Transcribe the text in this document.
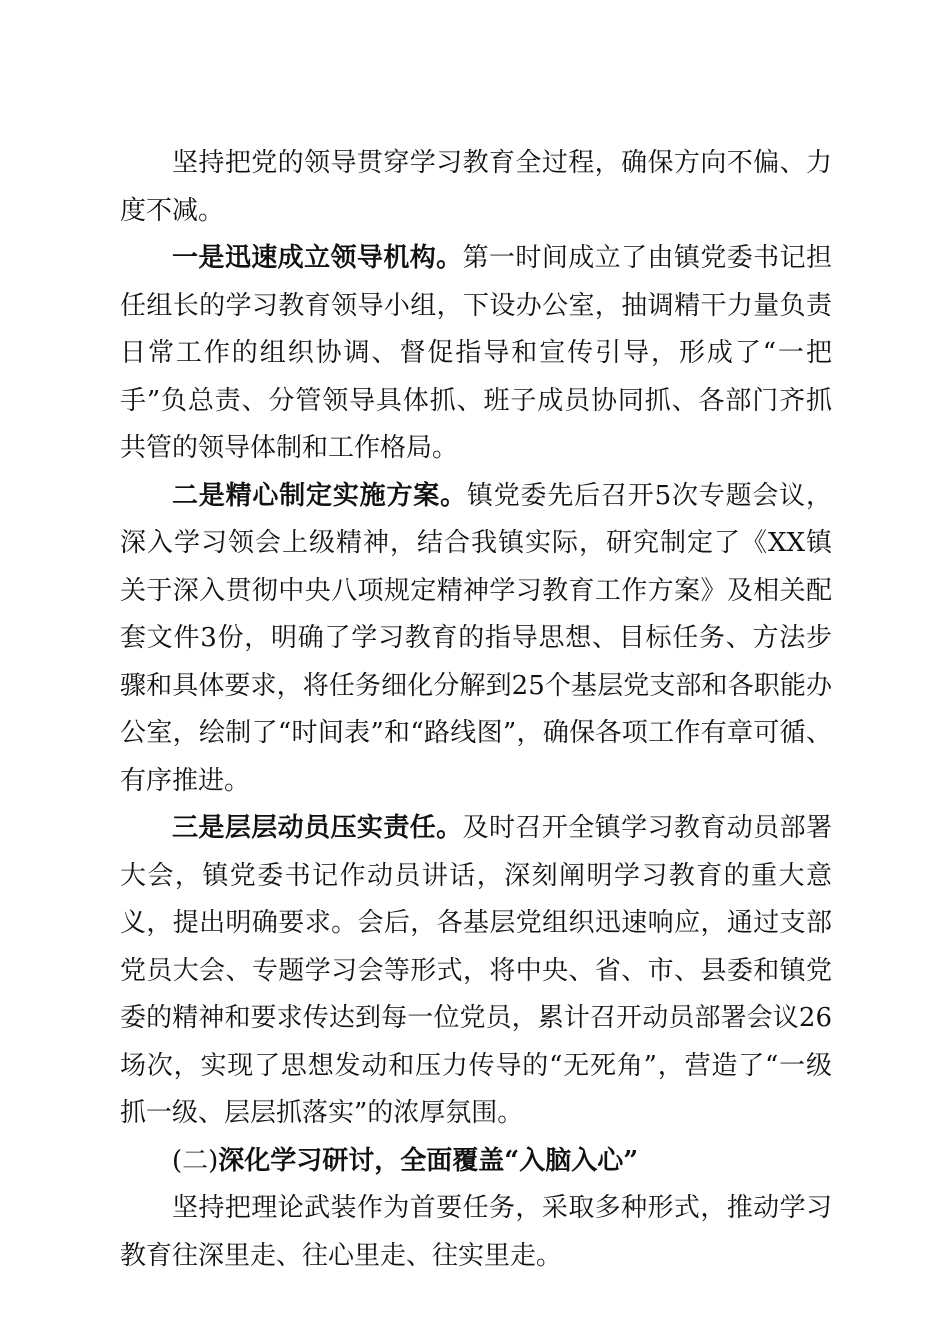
坚持把党的领导贯穿学习教育全过程，确保方向不偏、力度不减。

一是迅速成立领导机构。第一时间成立了由镇党委书记担任组长的学习教育领导小组，下设办公室，抽调精干力量负责日常工作的组织协调、督促指导和宣传引导，形成了“一把手”负总责、分管领导具体抓、班子成员协同抓、各部门齐抓共管的领导体制和工作格局。

二是精心制定实施方案。镇党委先后召开5次专题会议，深入学习领会上级精神，结合我镇实际，研究制定了《XX镇关于深入贯彻中央八项规定精神学习教育工作方案》及相关配套文件3份，明确了学习教育的指导思想、目标任务、方法步骤和具体要求，将任务细化分解到25个基层党支部和各职能办公室，绘制了“时间表”和“路线图”，确保各项工作有章可循、有序推进。

三是层层动员压实责任。及时召开全镇学习教育动员部署大会，镇党委书记作动员讲话，深刻阐明学习教育的重大意义，提出明确要求。会后，各基层党组织迅速响应，通过支部党员大会、专题学习会等形式，将中央、省、市、县委和镇党委的精神和要求传达到每一位党员，累计召开动员部署会议26场次，实现了思想发动和压力传导的“无死角”，营造了“一级抓一级、层层抓落实”的浓厚氛围。

(二)深化学习研讨，全面覆盖“入脑入心”

坚持把理论武装作为首要任务，采取多种形式，推动学习教育往深里走、往心里走、往实里走。
